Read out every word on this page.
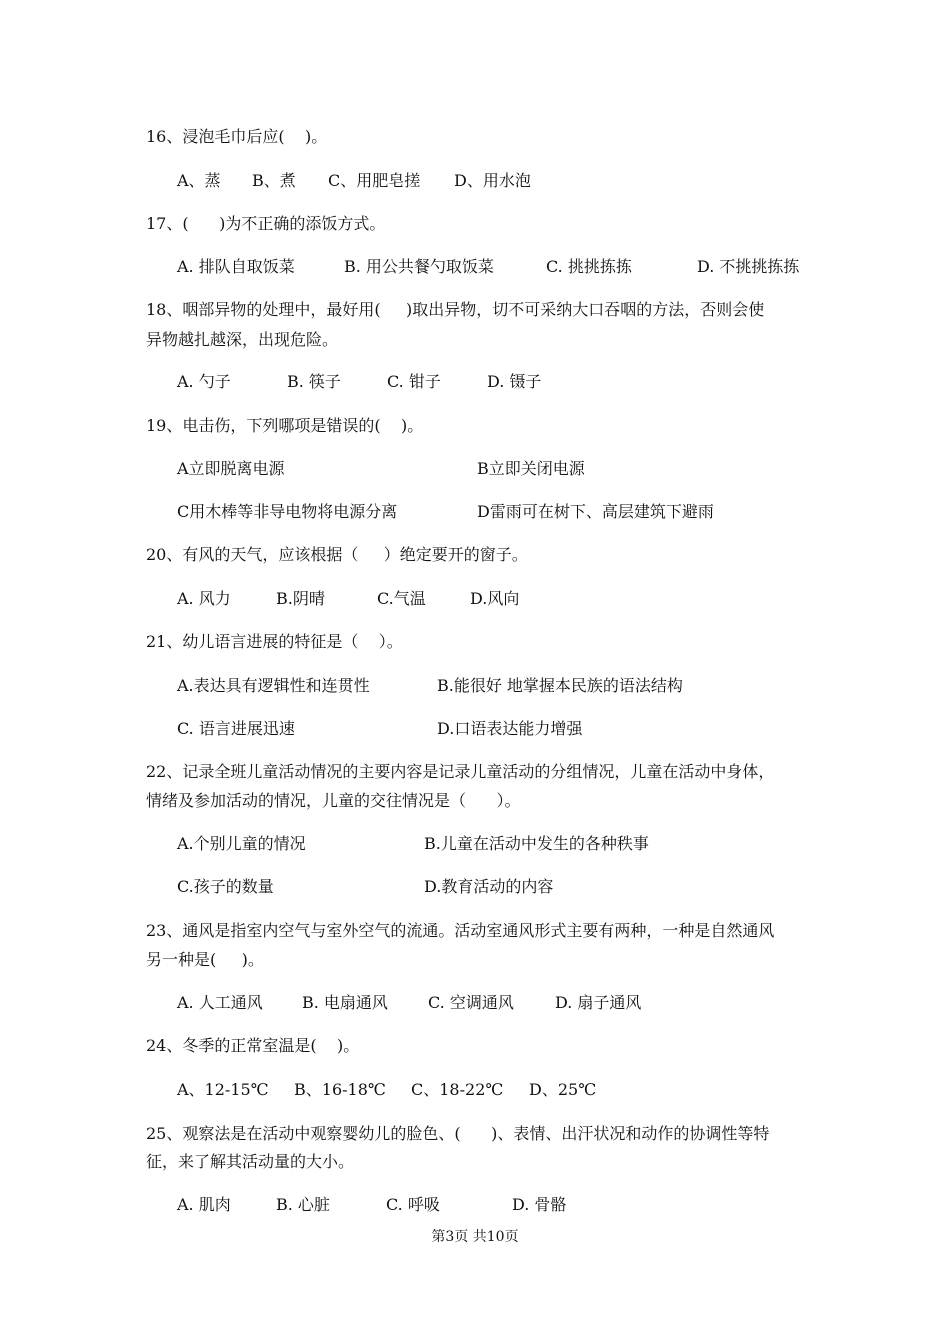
16、浸泡毛巾后应(    )。

A、蒸

B、煮

C、用肥皂搓

D、用水泡

17、(      )为不正确的添饭方式。

A. 排队自取饭菜

	B. 用公共餐勺取饭菜

	C. 挑挑拣拣

	D. 不挑挑拣拣

18、咽部异物的处理中，最好用(     )取出异物，切不可采纳大口吞咽的方法，否则会使
异物越扎越深，出现危险。

A. 勺子

	B. 筷子

	C. 钳子

	D. 镊子

19、电击伤，下列哪项是错误的(    )。

A立即脱离电源

	B立即关闭电源

C用木棒等非导电物将电源分离

	D雷雨可在树下、高层建筑下避雨

20、有风的天气，应该根据（     ）绝定要开的窗子。

A. 风力

	B.阴晴

	C.气温

	D.风向

21、幼儿语言进展的特征是（    ）。

A.表达具有逻辑性和连贯性

	B.能很好 地掌握本民族的语法结构

C. 语言进展迅速

	D.口语表达能力增强

22、记录全班儿童活动情况的主要内容是记录儿童活动的分组情况，儿童在活动中身体，
情绪及参加活动的情况，儿童的交往情况是（      ）。

A.个别儿童的情况

	B.儿童在活动中发生的各种秩事

C.孩子的数量

	D.教育活动的内容

23、通风是指室内空气与室外空气的流通。活动室通风形式主要有两种，一种是自然通风
另一种是(     )。

A. 人工通风

B. 电扇通风

	C. 空调通风

	D. 扇子通风

24、冬季的正常室温是(    )。

A、12-15℃

B、16-18℃

C、18-22℃

D、25℃

25、观察法是在活动中观察婴幼儿的脸色、(      )、表情、出汗状况和动作的协调性等特
征，来了解其活动量的大小。

A. 肌肉

	B. 心脏

	C. 呼吸

	D. 骨骼

第3页 共10页
